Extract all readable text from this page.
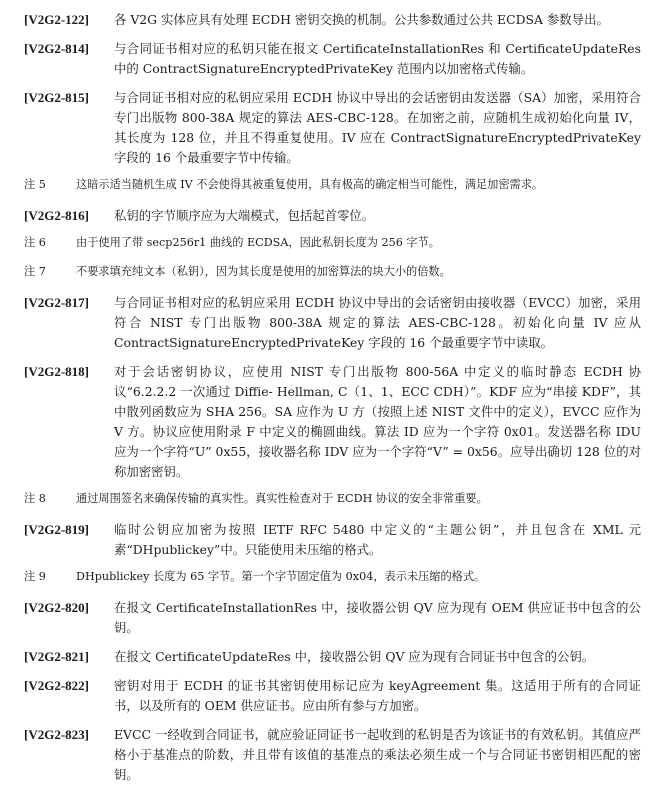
[V2G2-122]	各 V2G 实体应具有处理 ECDH 密钥交换的机制。公共参数通过公共 ECDSA 参数导出。
[V2G2-814]	与合同证书相对应的私钥只能在报文 CertificateInstallationRes 和 CertificateUpdateRes 中的 ContractSignatureEncryptedPrivateKey 范围内以加密格式传输。
[V2G2-815]	与合同证书相对应的私钥应采用 ECDH 协议中导出的会话密钥由发送器（SA）加密，采用符合专门出版物 800-38A 规定的算法 AES-CBC-128。在加密之前，应随机生成初始化向量 IV，其长度为 128 位，并且不得重复使用。IV 应在 ContractSignatureEncryptedPrivateKey 字段的 16 个最重要字节中传输。
注 5	这暗示适当随机生成 IV 不会使得其被重复使用，具有极高的确定相当可能性，满足加密需求。
[V2G2-816]	私钥的字节顺序应为大端模式，包括起首零位。
注 6	由于使用了带 secp256r1 曲线的 ECDSA，因此私钥长度为 256 字节。
注 7	不要求填充纯文本（私钥），因为其长度是使用的加密算法的块大小的倍数。
[V2G2-817]	与合同证书相对应的私钥应采用 ECDH 协议中导出的会话密钥由接收器（EVCC）加密，采用符合 NIST 专门出版物 800-38A 规定的算法 AES-CBC-128。初始化向量 IV 应从 ContractSignatureEncryptedPrivateKey 字段的 16 个最重要字节中读取。
[V2G2-818]	对于会话密钥协议，应使用 NIST 专门出版物 800-56A 中定义的临时静态 ECDH 协议“6.2.2.2 一次通过 Diffie- Hellman, C（1、1、ECC CDH）”。KDF 应为“串接 KDF”，其中散列函数应为 SHA 256。SA 应作为 U 方（按照上述 NIST 文件中的定义），EVCC 应作为 V 方。协议应使用附录 F 中定义的椭圆曲线。算法 ID 应为一个字符 0x01。发送器名称 IDU 应为一个字符“U” 0x55，接收器名称 IDV 应为一个字符“V” = 0x56。应导出确切 128 位的对称加密密钥。
注 8	通过周围签名来确保传输的真实性。真实性检查对于 ECDH 协议的安全非常重要。
[V2G2-819]	临时公钥应加密为按照 IETF RFC 5480 中定义的“主题公钥”，并且包含在 XML 元素“DHpublickey”中。只能使用未压缩的格式。
注 9	DHpublickey 长度为 65 字节。第一个字节固定值为 0x04，表示未压缩的格式。
[V2G2-820]	在报文 CertificateInstallationRes 中，接收器公钥 QV 应为现有 OEM 供应证书中包含的公钥。
[V2G2-821]	在报文 CertificateUpdateRes 中，接收器公钥 QV 应为现有合同证书中包含的公钥。
[V2G2-822]	密钥对用于 ECDH 的证书其密钥使用标记应为 keyAgreement 集。这适用于所有的合同证书，以及所有的 OEM 供应证书。应由所有参与方加密。
[V2G2-823]	EVCC 一经收到合同证书，就应验证同证书一起收到的私钥是否为该证书的有效私钥。其值应严格小于基准点的阶数，并且带有该值的基准点的乘法必须生成一个与合同证书密钥相匹配的密钥。
